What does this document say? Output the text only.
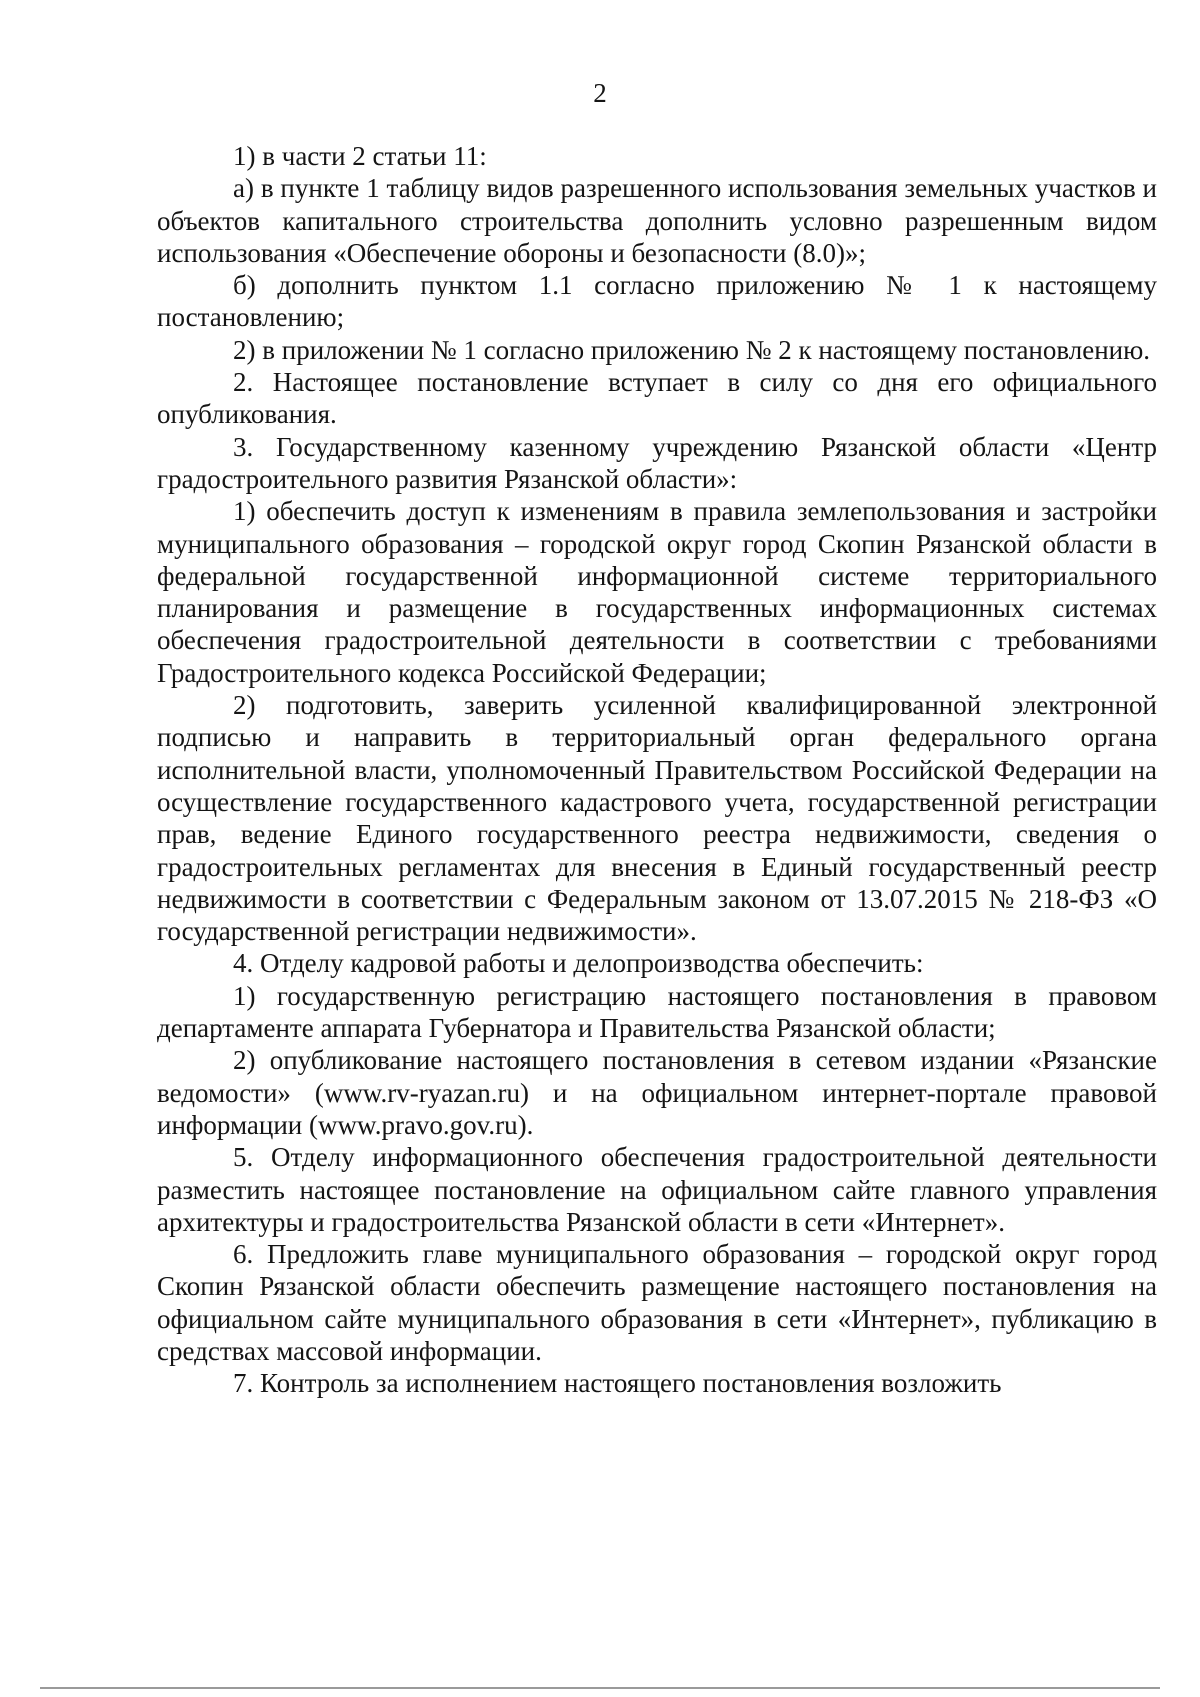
2

1) в части 2 статьи 11:

а) в пункте 1 таблицу видов разрешенного использования земельных участков и объектов капитального строительства дополнить условно разрешенным видом использования «Обеспечение обороны и безопасности (8.0)»;

б) дополнить пунктом 1.1 согласно приложению № 1 к настоящему постановлению;

2) в приложении № 1 согласно приложению № 2 к настоящему постановлению.

2. Настоящее постановление вступает в силу со дня его официального опубликования.

3. Государственному казенному учреждению Рязанской области «Центр градостроительного развития Рязанской области»:

1) обеспечить доступ к изменениям в правила землепользования и застройки муниципального образования – городской округ город Скопин Рязанской области в федеральной государственной информационной системе территориального планирования и размещение в государственных информационных системах обеспечения градостроительной деятельности в соответствии с требованиями Градостроительного кодекса Российской Федерации;

2) подготовить, заверить усиленной квалифицированной электронной подписью и направить в территориальный орган федерального органа исполнительной власти, уполномоченный Правительством Российской Федерации на осуществление государственного кадастрового учета, государственной регистрации прав, ведение Единого государственного реестра недвижимости, сведения о градостроительных регламентах для внесения в Единый государственный реестр недвижимости в соответствии с Федеральным законом от 13.07.2015 № 218-ФЗ «О государственной регистрации недвижимости».

4. Отделу кадровой работы и делопроизводства обеспечить:

1) государственную регистрацию настоящего постановления в правовом департаменте аппарата Губернатора и Правительства Рязанской области;

2) опубликование настоящего постановления в сетевом издании «Рязанские ведомости» (www.rv-ryazan.ru) и на официальном интернет-портале правовой информации (www.pravo.gov.ru).

5. Отделу информационного обеспечения градостроительной деятельности разместить настоящее постановление на официальном сайте главного управления архитектуры и градостроительства Рязанской области в сети «Интернет».

6. Предложить главе муниципального образования – городской округ город Скопин Рязанской области обеспечить размещение настоящего постановления на официальном сайте муниципального образования в сети «Интернет», публикацию в средствах массовой информации.

7. Контроль за исполнением настоящего постановления возложить
